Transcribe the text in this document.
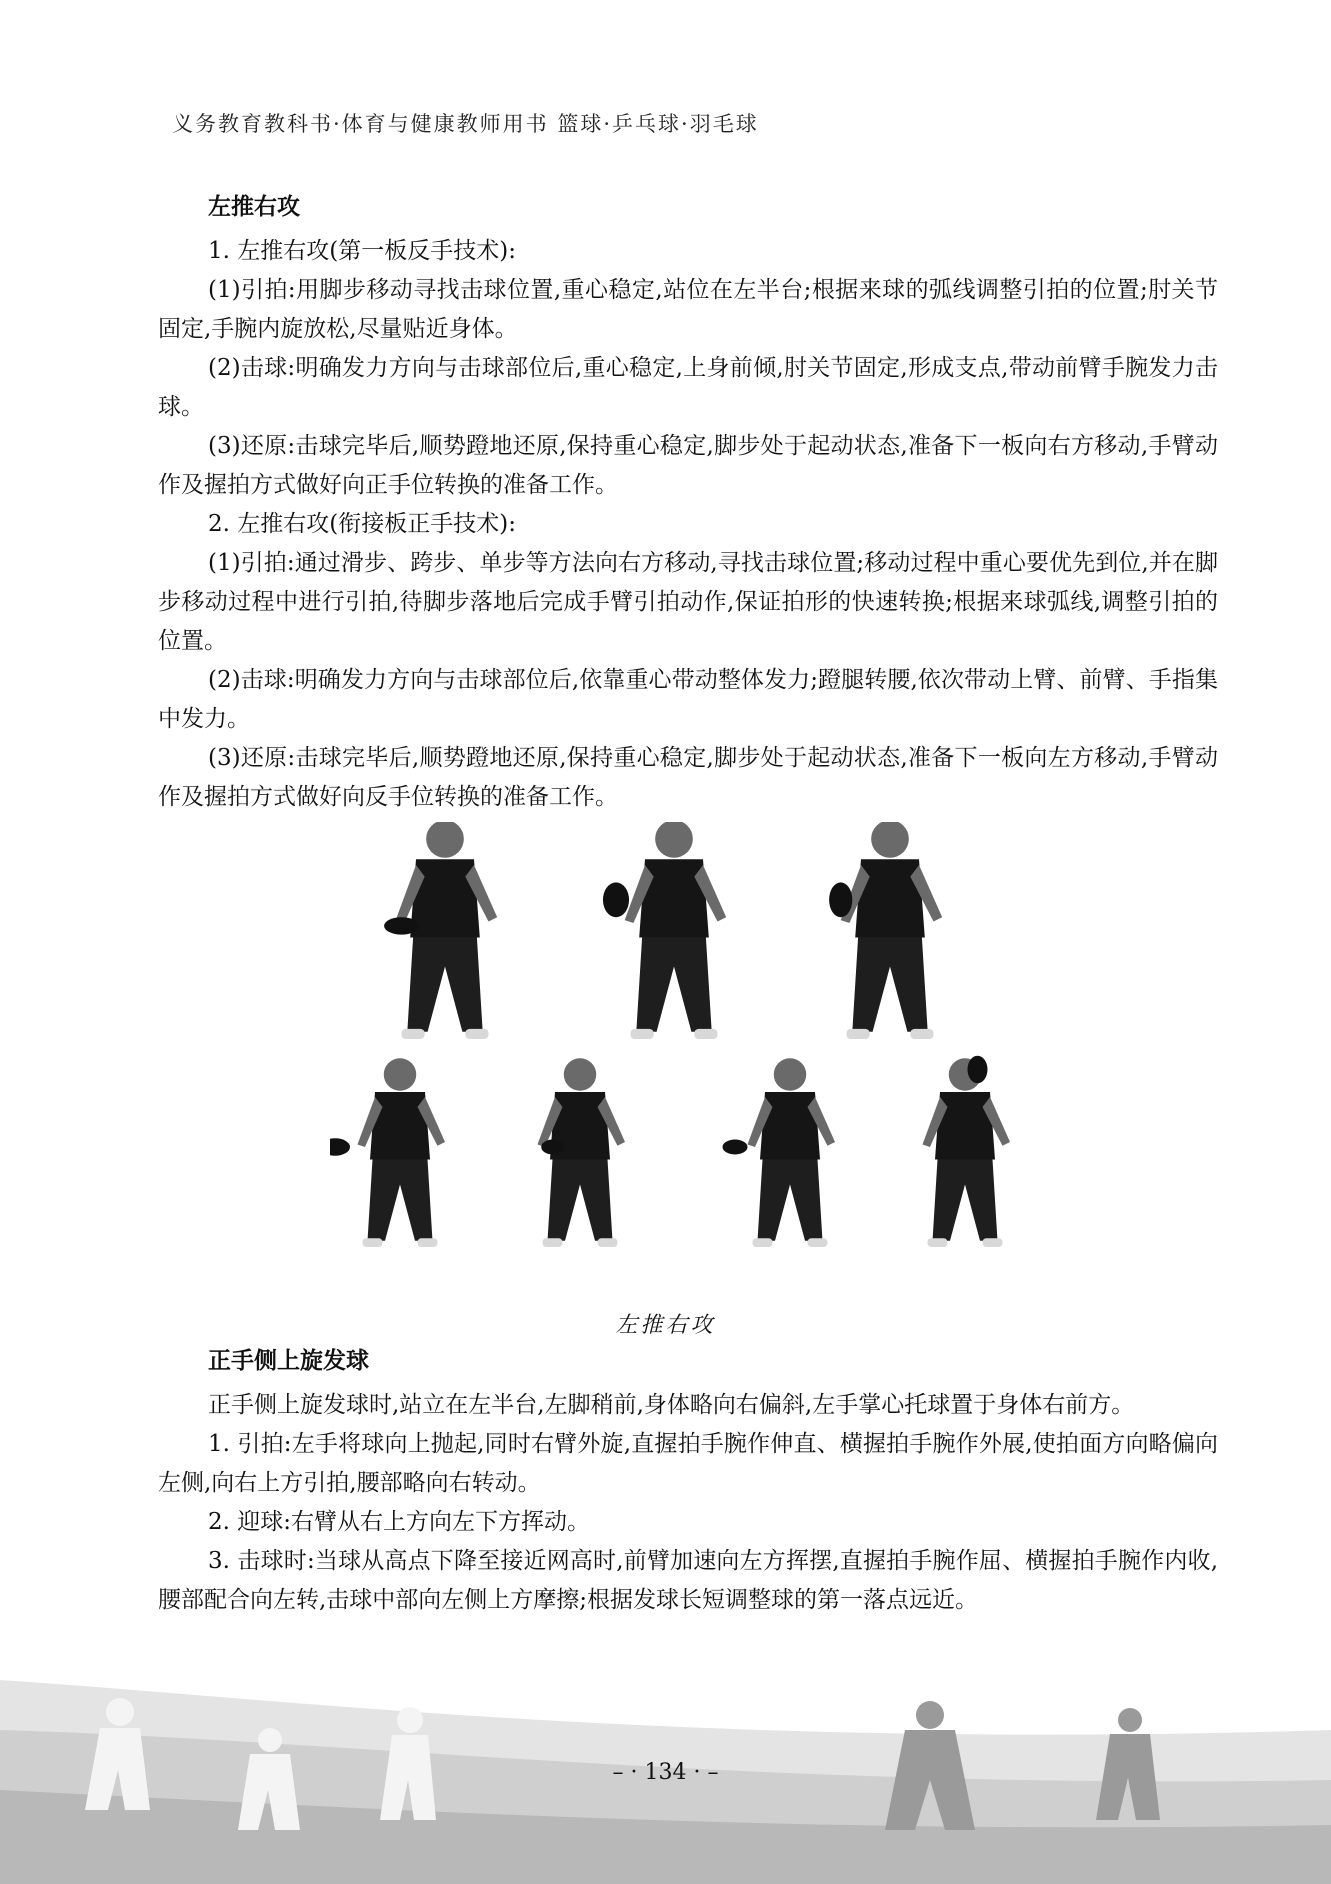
义务教育教科书·体育与健康教师用书 篮球·乒乓球·羽毛球
左推右攻

1. 左推右攻(第一板反手技术):

(1)引拍:用脚步移动寻找击球位置,重心稳定,站位在左半台;根据来球的弧线调整引拍的位置;肘关节固定,手腕内旋放松,尽量贴近身体。

(2)击球:明确发力方向与击球部位后,重心稳定,上身前倾,肘关节固定,形成支点,带动前臂手腕发力击球。

(3)还原:击球完毕后,顺势蹬地还原,保持重心稳定,脚步处于起动状态,准备下一板向右方移动,手臂动作及握拍方式做好向正手位转换的准备工作。

2. 左推右攻(衔接板正手技术):

(1)引拍:通过滑步、跨步、单步等方法向右方移动,寻找击球位置;移动过程中重心要优先到位,并在脚步移动过程中进行引拍,待脚步落地后完成手臂引拍动作,保证拍形的快速转换;根据来球弧线,调整引拍的位置。

(2)击球:明确发力方向与击球部位后,依靠重心带动整体发力;蹬腿转腰,依次带动上臂、前臂、手指集中发力。

(3)还原:击球完毕后,顺势蹬地还原,保持重心稳定,脚步处于起动状态,准备下一板向左方移动,手臂动作及握拍方式做好向反手位转换的准备工作。

左推右攻
正手侧上旋发球

正手侧上旋发球时,站立在左半台,左脚稍前,身体略向右偏斜,左手掌心托球置于身体右前方。

1. 引拍:左手将球向上抛起,同时右臂外旋,直握拍手腕作伸直、横握拍手腕作外展,使拍面方向略偏向左侧,向右上方引拍,腰部略向右转动。

2. 迎球:右臂从右上方向左下方挥动。

3. 击球时:当球从高点下降至接近网高时,前臂加速向左方挥摆,直握拍手腕作屈、横握拍手腕作内收,腰部配合向左转,击球中部向左侧上方摩擦;根据发球长短调整球的第一落点远近。

– · 134 · –
